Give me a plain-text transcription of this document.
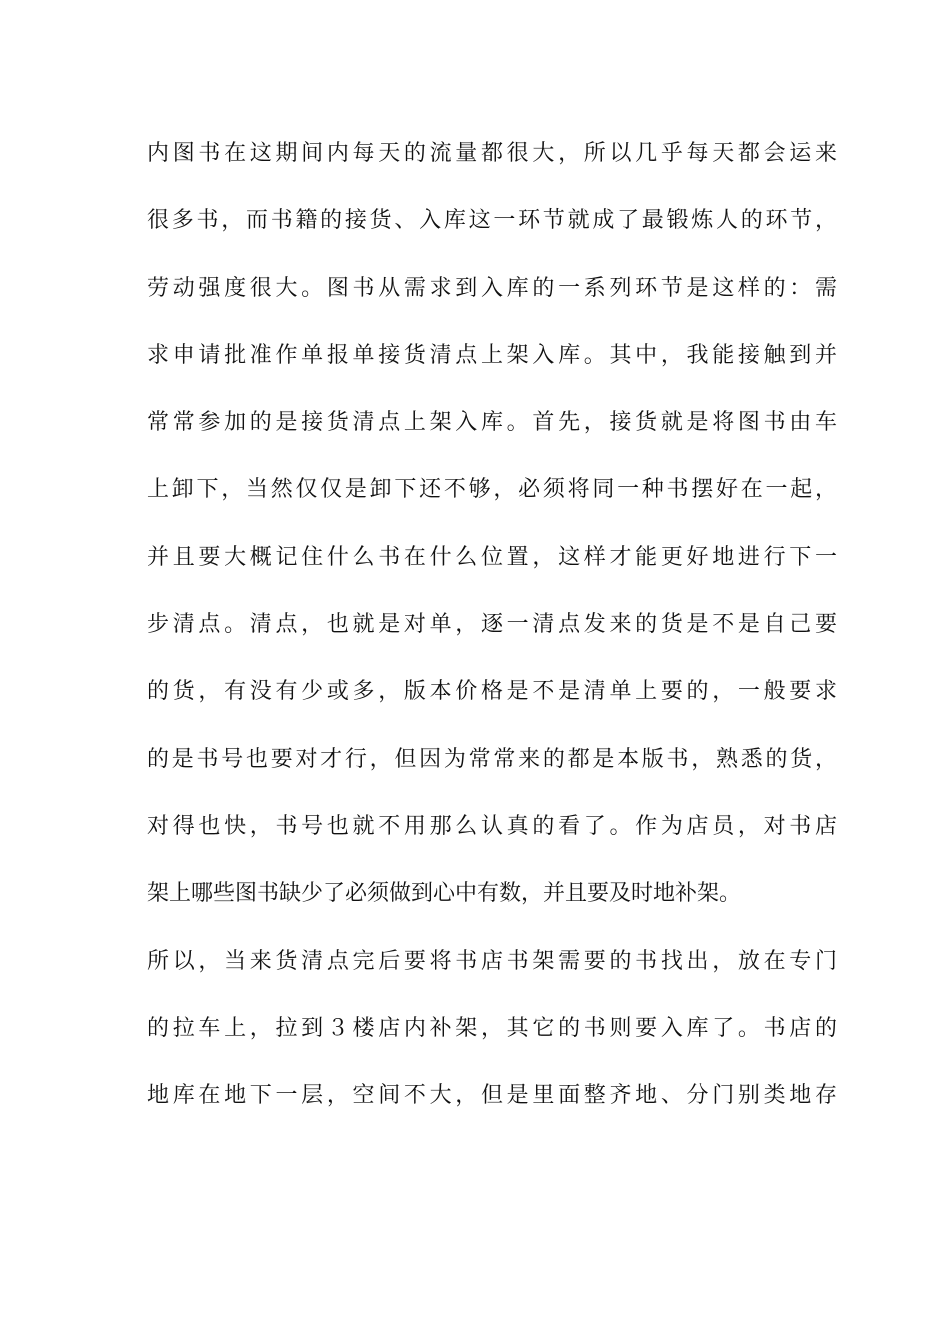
内图书在这期间内每天的流量都很大，所以几乎每天都会运来
很多书，而书籍的接货、入库这一环节就成了最锻炼人的环节，
劳动强度很大。图书从需求到入库的一系列环节是这样的：需
求申请批准作单报单接货清点上架入库。其中，我能接触到并
常常参加的是接货清点上架入库。首先，接货就是将图书由车
上卸下，当然仅仅是卸下还不够，必须将同一种书摆好在一起，
并且要大概记住什么书在什么位置，这样才能更好地进行下一
步清点。清点，也就是对单，逐一清点发来的货是不是自己要
的货，有没有少或多，版本价格是不是清单上要的，一般要求
的是书号也要对才行，但因为常常来的都是本版书，熟悉的货，
对得也快，书号也就不用那么认真的看了。作为店员，对书店
架上哪些图书缺少了必须做到心中有数，并且要及时地补架。
所以，当来货清点完后要将书店书架需要的书找出，放在专门
的拉车上，拉到３楼店内补架，其它的书则要入库了。书店的
地库在地下一层，空间不大，但是里面整齐地、分门别类地存
